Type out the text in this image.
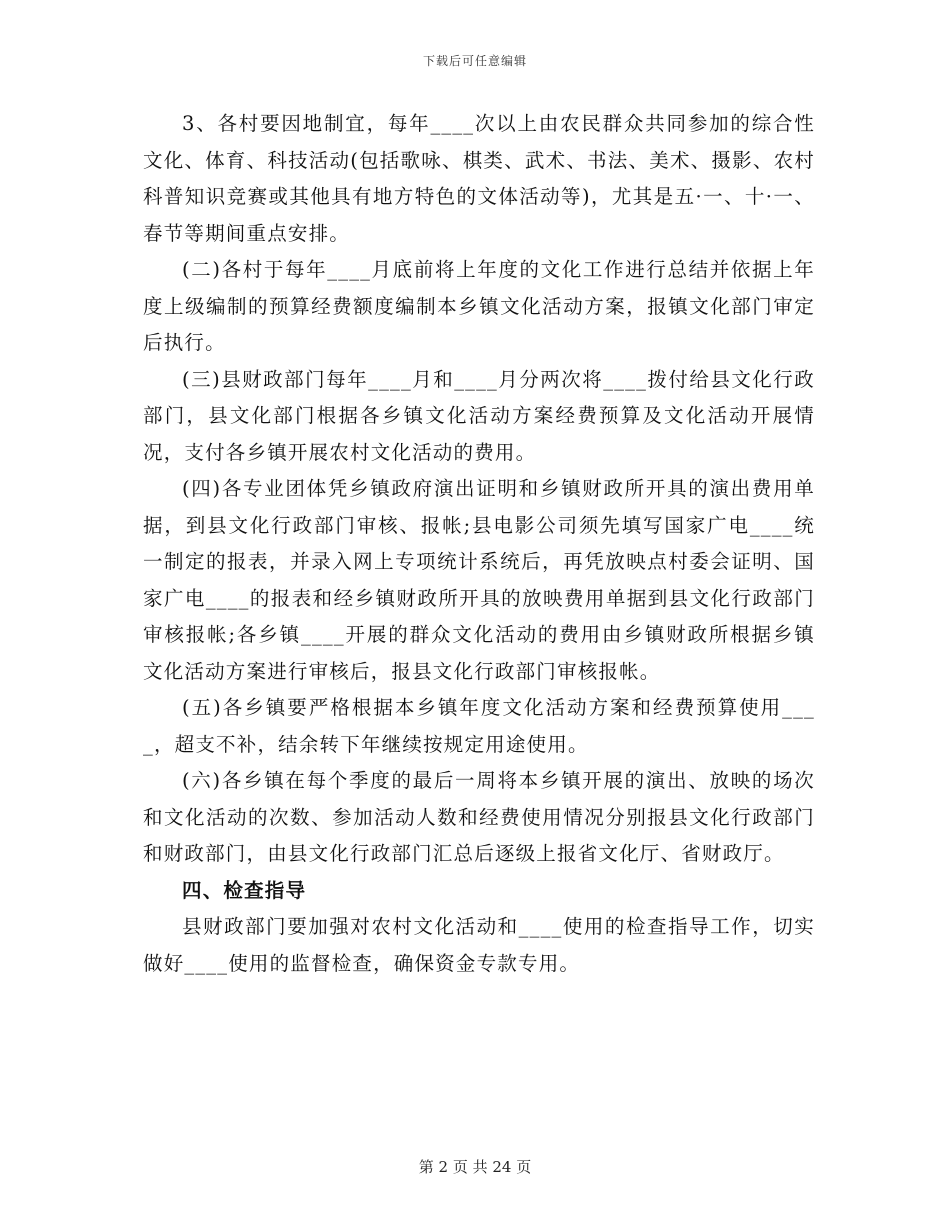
下载后可任意编辑

3、各村要因地制宜，每年____次以上由农民群众共同参加的综合性文化、体育、科技活动(包括歌咏、棋类、武术、书法、美术、摄影、农村科普知识竞赛或其他具有地方特色的文体活动等)，尤其是五·一、十·一、春节等期间重点安排。

(二)各村于每年____月底前将上年度的文化工作进行总结并依据上年度上级编制的预算经费额度编制本乡镇文化活动方案，报镇文化部门审定后执行。

(三)县财政部门每年____月和____月分两次将____拨付给县文化行政部门，县文化部门根据各乡镇文化活动方案经费预算及文化活动开展情况，支付各乡镇开展农村文化活动的费用。

(四)各专业团体凭乡镇政府演出证明和乡镇财政所开具的演出费用单据，到县文化行政部门审核、报帐;县电影公司须先填写国家广电____统一制定的报表，并录入网上专项统计系统后，再凭放映点村委会证明、国家广电____的报表和经乡镇财政所开具的放映费用单据到县文化行政部门审核报帐;各乡镇____开展的群众文化活动的费用由乡镇财政所根据乡镇文化活动方案进行审核后，报县文化行政部门审核报帐。

(五)各乡镇要严格根据本乡镇年度文化活动方案和经费预算使用____，超支不补，结余转下年继续按规定用途使用。

(六)各乡镇在每个季度的最后一周将本乡镇开展的演出、放映的场次和文化活动的次数、参加活动人数和经费使用情况分别报县文化行政部门和财政部门，由县文化行政部门汇总后逐级上报省文化厅、省财政厅。

四、检查指导

县财政部门要加强对农村文化活动和____使用的检查指导工作，切实做好____使用的监督检查，确保资金专款专用。

第 2 页 共 24 页
